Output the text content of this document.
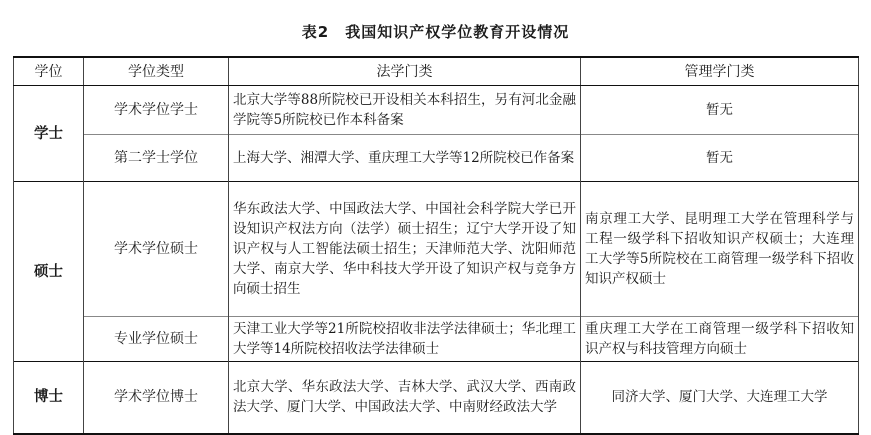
表2　我国知识产权学位教育开设情况
学位	学位类型	法学门类	管理学门类
学士	学术学位学士	北京大学等88所院校已开设相关本科招生，另有河北金融学院等5所院校已作本科备案	暂无
	第二学士学位	上海大学、湘潭大学、重庆理工大学等12所院校已作备案	暂无
硕士	学术学位硕士	华东政法大学、中国政法大学、中国社会科学院大学已开设知识产权法方向（法学）硕士招生；辽宁大学开设了知识产权与人工智能法硕士招生；天津师范大学、沈阳师范大学、南京大学、华中科技大学开设了知识产权与竞争方向硕士招生	南京理工大学、昆明理工大学在管理科学与工程一级学科下招收知识产权硕士；大连理工大学等5所院校在工商管理一级学科下招收知识产权硕士
	专业学位硕士	天津工业大学等21所院校招收非法学法律硕士；华北理工大学等14所院校招收法学法律硕士	重庆理工大学在工商管理一级学科下招收知识产权与科技管理方向硕士
博士	学术学位博士	北京大学、华东政法大学、吉林大学、武汉大学、西南政法大学、厦门大学、中国政法大学、中南财经政法大学	同济大学、厦门大学、大连理工大学
